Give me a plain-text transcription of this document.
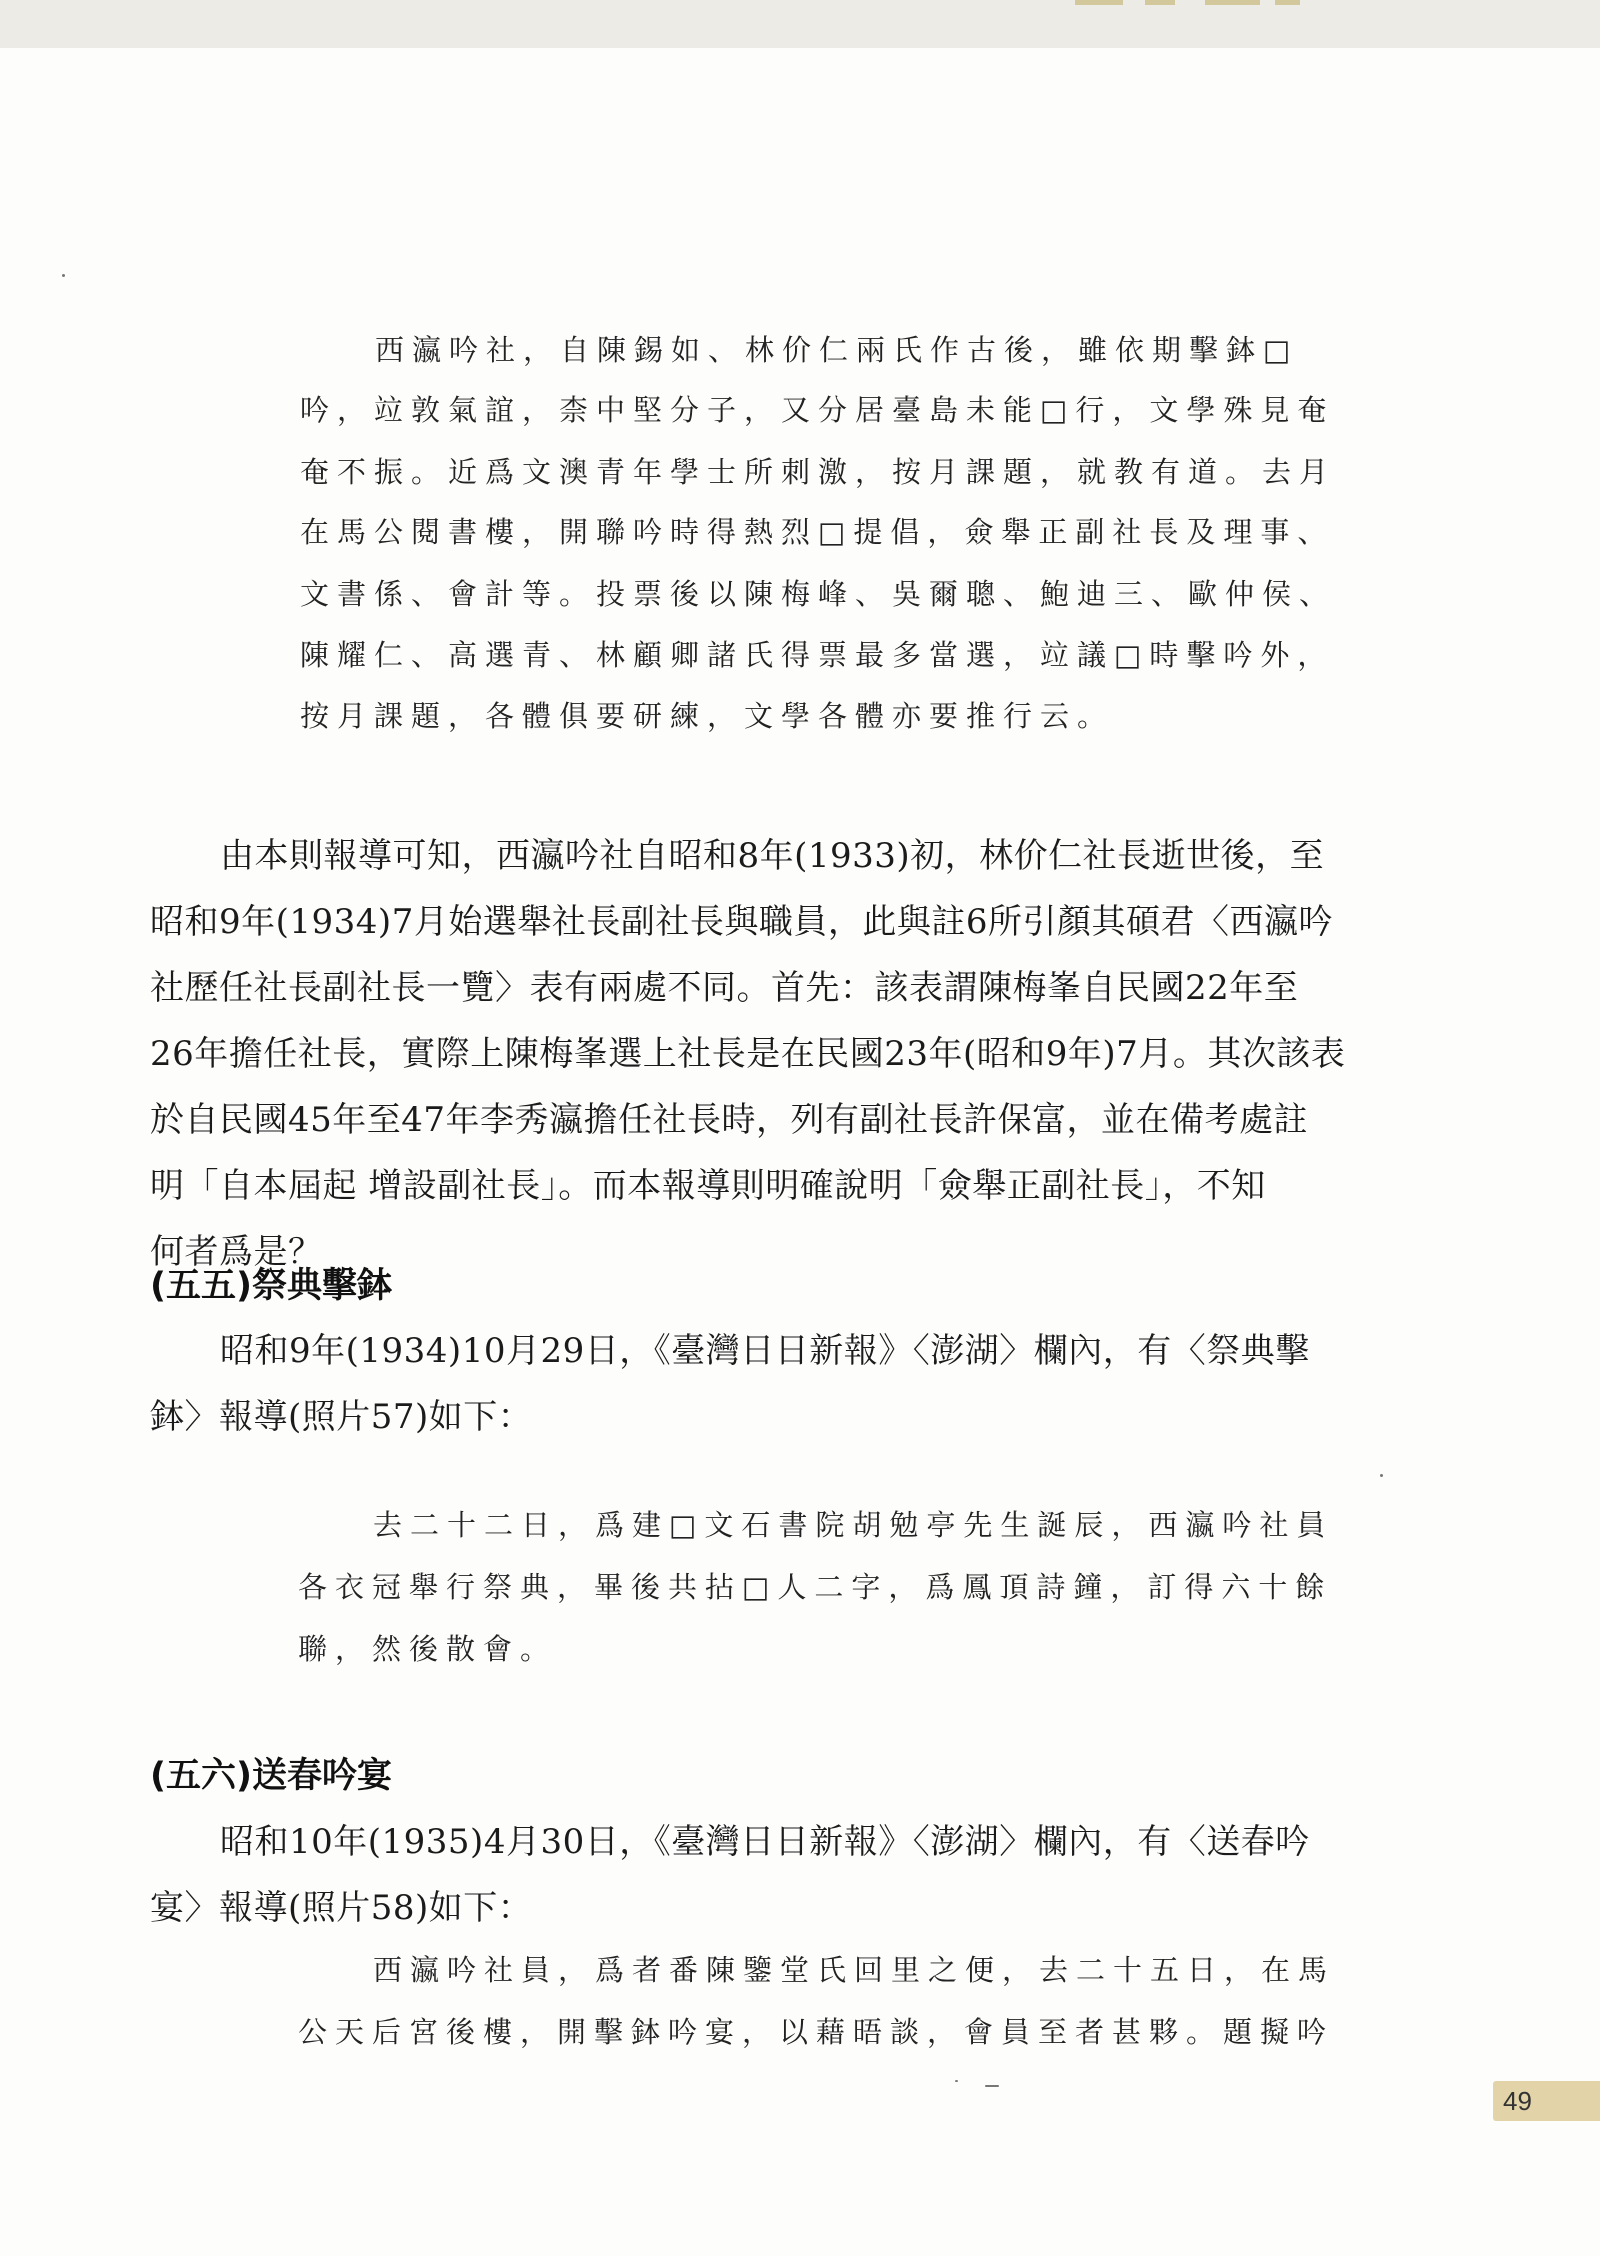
西瀛吟社，自陳錫如、林价仁兩氏作古後，雖依期擊鉢□
吟，竝敦氣誼，柰中堅分子，又分居臺島未能□行，文學殊見奄
奄不振。近爲文澳青年學士所刺激，按月課題，就教有道。去月
在馬公閱書樓，開聯吟時得熱烈□提倡，僉舉正副社長及理事、
文書係、會計等。投票後以陳梅峰、吳爾聰、鮑迪三、歐仲侯、
陳耀仁、高選青、林顧卿諸氏得票最多當選，竝議□時擊吟外，
按月課題，各體俱要研練，文學各體亦要推行云。
由本則報導可知，西瀛吟社自昭和8年(1933)初，林价仁社長逝世後，至
昭和9年(1934)7月始選舉社長副社長與職員，此與註6所引顏其碩君〈西瀛吟
社歷任社長副社長一覽〉表有兩處不同。首先：該表謂陳梅峯自民國22年至
26年擔任社長，實際上陳梅峯選上社長是在民國23年(昭和9年)7月。其次該表
於自民國45年至47年李秀瀛擔任社長時，列有副社長許保富，並在備考處註
明「自本屆起 增設副社長」。而本報導則明確說明「僉舉正副社長」，不知
何者爲是？
(五五)祭典擊鉢
昭和9年(1934)10月29日，《臺灣日日新報》〈澎湖〉欄內，有〈祭典擊
鉢〉報導(照片57)如下：
去二十二日，爲建□文石書院胡勉亭先生誕辰，西瀛吟社員
各衣冠舉行祭典，畢後共拈□人二字，爲鳳頂詩鐘，訂得六十餘
聯，然後散會。
(五六)送春吟宴
昭和10年(1935)4月30日，《臺灣日日新報》〈澎湖〉欄內，有〈送春吟
宴〉報導(照片58)如下：
西瀛吟社員，爲者番陳鑒堂氏回里之便，去二十五日，在馬
公天后宮後樓，開擊鉢吟宴，以藉晤談，會員至者甚夥。題擬吟
49
